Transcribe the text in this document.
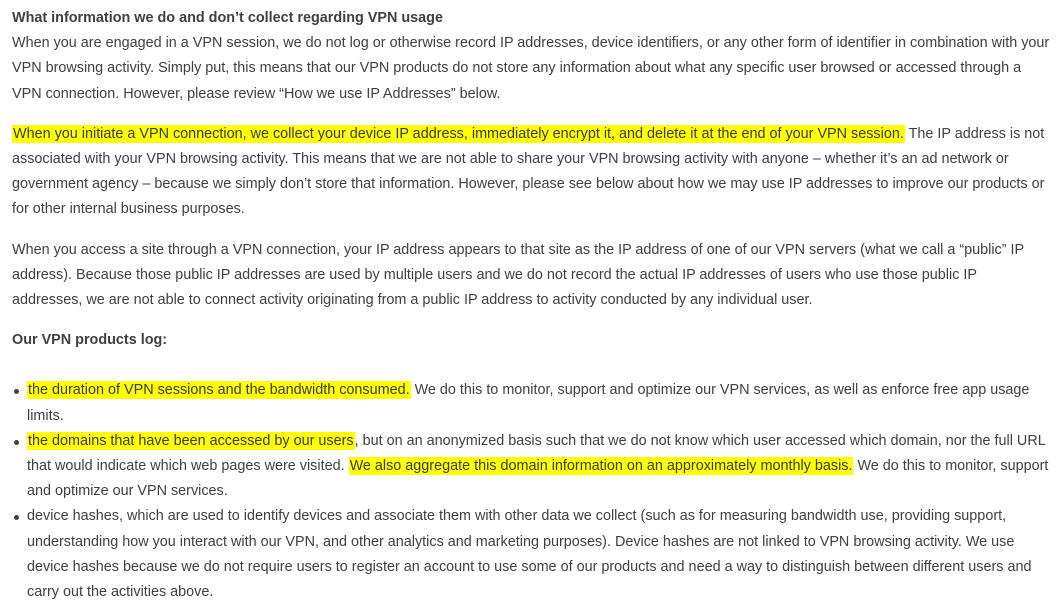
What information we do and don’t collect regarding VPN usage

When you are engaged in a VPN session, we do not log or otherwise record IP addresses, device identifiers, or any other form of identifier in combination with your VPN browsing activity. Simply put, this means that our VPN products do not store any information about what any specific user browsed or accessed through a VPN connection. However, please review “How we use IP Addresses” below.

When you initiate a VPN connection, we collect your device IP address, immediately encrypt it, and delete it at the end of your VPN session. The IP address is not associated with your VPN browsing activity. This means that we are not able to share your VPN browsing activity with anyone – whether it’s an ad network or government agency – because we simply don’t store that information. However, please see below about how we may use IP addresses to improve our products or for other internal business purposes.

When you access a site through a VPN connection, your IP address appears to that site as the IP address of one of our VPN servers (what we call a “public” IP address). Because those public IP addresses are used by multiple users and we do not record the actual IP addresses of users who use those public IP addresses, we are not able to connect activity originating from a public IP address to activity conducted by any individual user.

Our VPN products log:
the duration of VPN sessions and the bandwidth consumed. We do this to monitor, support and optimize our VPN services, as well as enforce free app usage limits.
the domains that have been accessed by our users, but on an anonymized basis such that we do not know which user accessed which domain, nor the full URL that would indicate which web pages were visited. We also aggregate this domain information on an approximately monthly basis. We do this to monitor, support and optimize our VPN services.
device hashes, which are used to identify devices and associate them with other data we collect (such as for measuring bandwidth use, providing support, understanding how you interact with our VPN, and other analytics and marketing purposes). Device hashes are not linked to VPN browsing activity. We use device hashes because we do not require users to register an account to use some of our products and need a way to distinguish between different users and carry out the activities above.
